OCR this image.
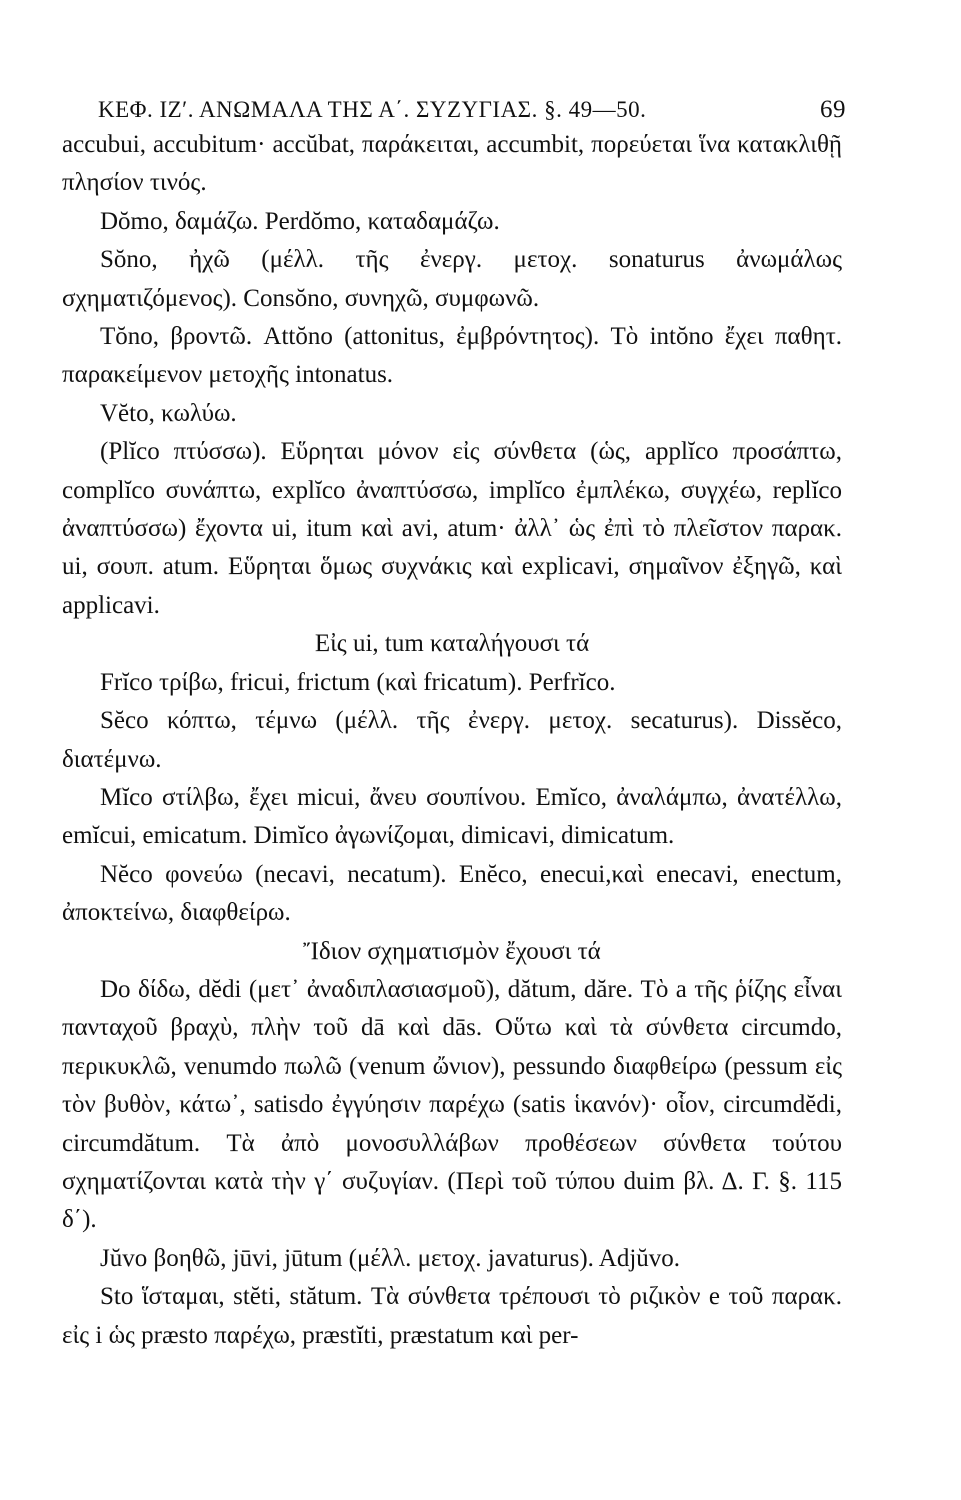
ΚΕΦ. ΙΖʹ. ΑΝΩΜΑΛΑ ΤΗΣ Α΄. ΣΥΖΥΓΙΑΣ. §. 49—50.	69

accubui, accubitum· accŭbat, παράκειται, accumbit, πορεύεται ἵνα κατακλιθῇ πλησίον τινός.

Dŏmo, δαμάζω. Perdŏmo, καταδαμάζω.

Sŏno, ἠχῶ (μέλλ. τῆς ἐνεργ. μετοχ. sonaturus ἀνωμάλως σχηματιζόμενος). Consŏno, συνηχῶ, συμφωνῶ.

Tŏno, βροντῶ. Attŏno (attonitus, ἐμβρόντητος). Τὸ intŏno ἔχει παθητ. παρακείμενον μετοχῆς intonatus.

Vĕto, κωλύω.

(Plĭco πτύσσω). Εὕρηται μόνον εἰς σύνθετα (ὡς, applĭco προσάπτω, complĭco συνάπτω, explĭco ἀναπτύσσω, implĭco ἐμπλέκω, συγχέω, replĭco ἀναπτύσσω) ἔχοντα ui, itum καὶ avi, atum· ἀλλ᾽ ὡς ἐπὶ τὸ πλεῖστον παρακ. ui, σουπ. atum. Εὕρηται ὅμως συχνάκις καὶ explicavi, σημαῖνον ἐξηγῶ, καὶ applicavi.

Εἰς ui, tum καταλήγουσι τά

Frĭco τρίβω, fricui, frictum (καὶ fricatum). Perfrĭco.

Sĕco κόπτω, τέμνω (μέλλ. τῆς ἐνεργ. μετοχ. secaturus). Dissĕco, διατέμνω.

Mĭco στίλβω, ἔχει micui, ἄνευ σουπίνου. Emĭco, ἀναλάμπω, ἀνατέλλω, emĭcui, emicatum. Dimĭco ἀγωνίζομαι, dimicavi, dimicatum.

Nĕco φονεύω (necavi, necatum). Enĕco, enecui,καὶ enecavi, enectum, ἀποκτείνω, διαφθείρω.

Ἴδιον σχηματισμὸν ἔχουσι τά

Do δίδω, dĕdi (μετ᾽ ἀναδιπλασιασμοῦ), dătum, dăre. Τὸ a τῆς ῥίζης εἶναι πανταχοῦ βραχὺ, πλὴν τοῦ dā καὶ dās. Οὕτω καὶ τὰ σύνθετα circumdo, περικυκλῶ, venumdo πωλῶ (venum ὤνιον), pessundo διαφθείρω (pessum εἰς τὸν βυθὸν, κάτω᾽, satisdo ἐγγύησιν παρέχω (satis ἱκανόν)· οἷον, circumdĕdi, circumdătum. Τὰ ἀπὸ μονοσυλλάβων προθέσεων σύνθετα τούτου σχηματίζονται κατὰ τὴν γ΄ συζυγίαν. (Περὶ τοῦ τύπου duim βλ. Δ. Γ. §. 115 δ΄).

Jŭvo βοηθῶ, jūvi, jūtum (μέλλ. μετοχ. javaturus). Adjŭvo.

Sto ἵσταμαι, stĕti, stătum. Τὰ σύνθετα τρέπουσι τὸ ριζικὸν e τοῦ παρακ. εἰς i ὡς præsto παρέχω, præstĭti, præstatum καὶ per-
